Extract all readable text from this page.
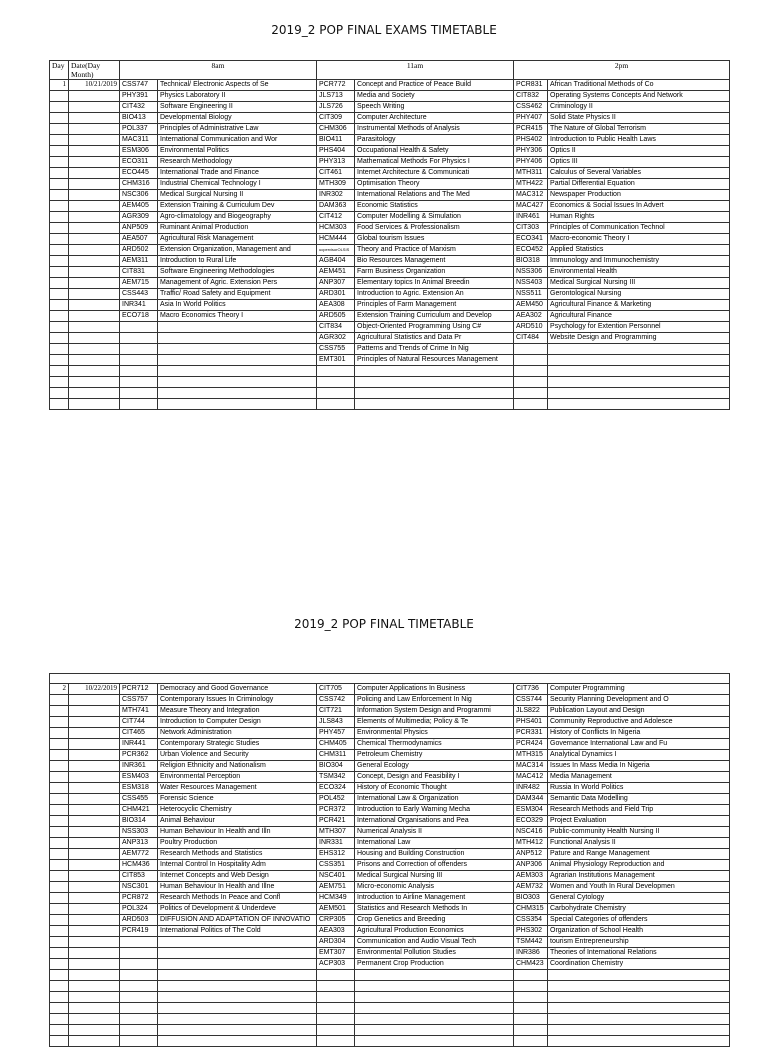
2019_2 POP FINAL EXAMS TIMETABLE
Day	Date(Day Month)	8am		11am		2pm	
1	10/21/2019	CSS747	Technical/ Electronic Aspects of Se	PCR772	Concept and Practice of Peace Build	PCR831	African Traditional Methods of Co
		PHY391	Physics Laboratory II	JLS713	Media and Society	CIT832	Operating Systems Concepts And Network
		CIT432	Software Engineering II	JLS726	Speech Writing	CSS462	Criminology II
		BIO413	Developmental Biology	CIT309	Computer Architecture	PHY407	Solid State Physics II
		POL337	Principles of Administrative Law	CHM306	Instrumental Methods of Analysis	PCR415	The Nature of Global Terrorism
		MAC311	International Communication and Wor	BIO411	Parasitology	PHS402	Introduction to Public Health Laws
		ESM306	Environmental Politics	PHS404	Occupational Health & Safety	PHY306	Optics II
		ECO311	Research Methodology	PHY313	Mathematical Methods For Physics I	PHY406	Optics III
		ECO445	International Trade and Finance	CIT461	Internet Architecture & Communicati	MTH311	Calculus of Several Variables
		CHM316	Industrial Chemical Technology I	MTH309	Optimisation Theory	MTH422	Partial Differential Equation
		NSC306	Medical Surgical Nursing II	INR302	International Relations and The Med	MAC312	Newspaper Production
		AEM405	Extension Training & Curriculum Dev	DAM363	Economic Statistics	MAC427	Economics & Social Issues In Advert
		AGR309	Agro-climatology and Biogeography	CIT412	Computer Modelling & Simulation	INR461	Human Rights
		ANP509	Ruminant Animal Production	HCM303	Food Services & Professionalism	CIT303	Principles of Communication Technol
		AEA507	Agricultural Risk Management	HCM444	Global tourism Issues	ECO341	Macro-economic Theory I
		ARD502	Extension Organization, Management and	ucpervisorOLSIS	Theory and Practice of Marxism	ECO452	Applied Statistics
		AEM311	Introduction to Rural Life	AGB404	Bio Resources Management	BIO318	Immunology and Immunochemistry
		CIT831	Software Engineering Methodologies	AEM451	Farm Business Organization	NSS306	Environmental Health
		AEM715	Management of Agric. Extension Pers	ANP307	Elementary topics In Animal Breedin	NSS403	Medical Surgical Nursing III
		CSS443	Traffic/ Road Safety and Equipment	ARD301	Introduction to Agric. Extension An	NSS511	Gerontological Nursing
		INR341	Asia In World Politics	AEA308	Principles of Farm Management	AEM450	Agricultural Finance & Marketing
		ECO718	Macro Economics Theory I	ARD505	Extension Training Curriculum and Develop	AEA302	Agricultural Finance
				CIT834	Object-Oriented Programming Using C#	ARD510	Psychology for Extention Personnel
				AGR302	Agricultural Statistics and Data Pr	CIT484	Website Design and Programming
				CSS755	Patterns and Trends of Crime In Nig		
				EMT301	Principles of Natural Resources Management		

2019_2 POP FINAL TIMETABLE

2	10/22/2019	PCR712	Democracy and Good Governance	CIT705	Computer Applications In Business	CIT736	Computer Programming
		CSS757	Contemporary Issues In Criminology	CSS742	Policing and Law Enforcement In Nig	CSS744	Security Planning Development and O
		MTH741	Measure Theory and Integration	CIT721	Information System Design and Programmi	JLS822	Publication Layout and Design
		CIT744	Introduction to Computer Design	JLS843	Elements of Multimedia; Policy & Te	PHS401	Community Reproductive and Adolesce
		CIT465	Network Administration	PHY457	Environmental Physics	PCR331	History of Conflicts In Nigeria
		INR441	Contemporary Strategic Studies	CHM405	Chemical Thermodynamics	PCR424	Governance International Law and Fu
		PCR362	Urban Violence and Security	CHM311	Petroleum Chemistry	MTH315	Analytical Dynamics I
		INR361	Religion Ethnicity and Nationalism	BIO304	General Ecology	MAC314	Issues In Mass Media In Nigeria
		ESM403	Environmental Perception	TSM342	Concept, Design and Feasibility I	MAC412	Media Management
		ESM318	Water Resources Management	ECO324	History of Economic Thought	INR482	Russia In World Politics
		CSS455	Forensic Science	POL452	International Law & Organization	DAM344	Semantic Data Modelling
		CHM421	Heterocyclic Chemistry	PCR372	Introduction to Early Warning Mecha	ESM304	Research Methods and Field Trip
		BIO314	Animal Behaviour	PCR421	International Organisations and Pea	ECO329	Project Evaluation
		NSS303	Human Behaviour In Health and Illn	MTH307	Numerical Analysis II	NSC416	Public-community Health Nursing II
		ANP313	Poultry Production	INR331	International Law	MTH412	Functional Analysis II
		AEM772	Research Methods and Statistics	EHS312	Housing and Building Construction	ANP512	Pature and Range Management
		HCM436	Internal Control In Hospitality Adm	CSS351	Prisons and Correction of offenders	ANP306	Animal Physiology Reproduction and
		CIT853	Internet Concepts and Web Design	NSC401	Medical Surgical Nursing III	AEM303	Agrarian Institutions Management
		NSC301	Human Behaviour In Health and Illne	AEM751	Micro-economic Analysis	AEM732	Women and Youth In Rural Developmen
		PCR872	Research Methods In Peace and Confl	HCM349	Introduction to Airline Management	BIO303	General Cytology
		POL324	Politics of Development & Underdeve	AEM501	Statistics and Research Methods In	CHM315	Carbohydrate Chemistry
		ARD503	DIFFUSION AND ADAPTATION OF INNOVATIO	CRP305	Crop Genetics and Breeding	CSS354	Special Categories of offenders
		PCR419	International Politics of The Cold	AEA303	Agricultural Production Economics	PHS302	Organization of School Health
				ARD304	Communication and Audio Visual Tech	TSM442	tourism Entrepreneurship
				EMT307	Environmental Pollution Studies	INR386	Theories of International Relations
				ACP303	Permanent Crop Production	CHM423	Coordination Chemistry
